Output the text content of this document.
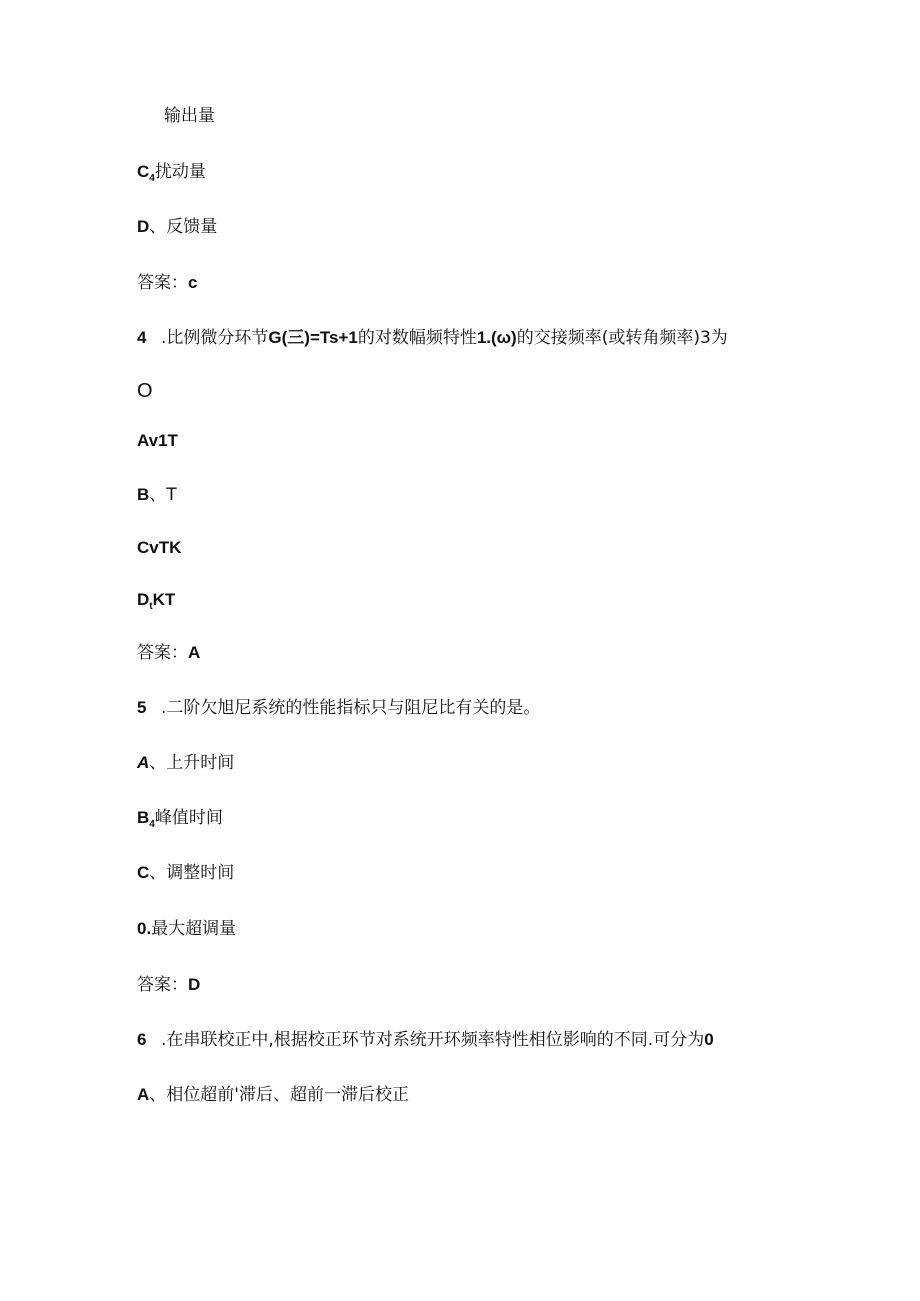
输出量
$C_4$扰动量
D、反馈量
答案：c
4 .比例微分环节G(三)=Ts+1的对数幅频特性1.(ω)的交接频率(或转角频率)3为
O
Av1T
B、T
CvTK
$D_tKT$
答案：A
5 .二阶欠旭尼系统的性能指标只与阻尼比有关的是。
A、上升时间
$B_4$峰值时间
C、调整时间
0.最大超调量
答案：D
6 .在串联校正中,根据校正环节对系统开环频率特性相位影响的不同.可分为0
A、相位超前'滞后、超前一滞后校正
